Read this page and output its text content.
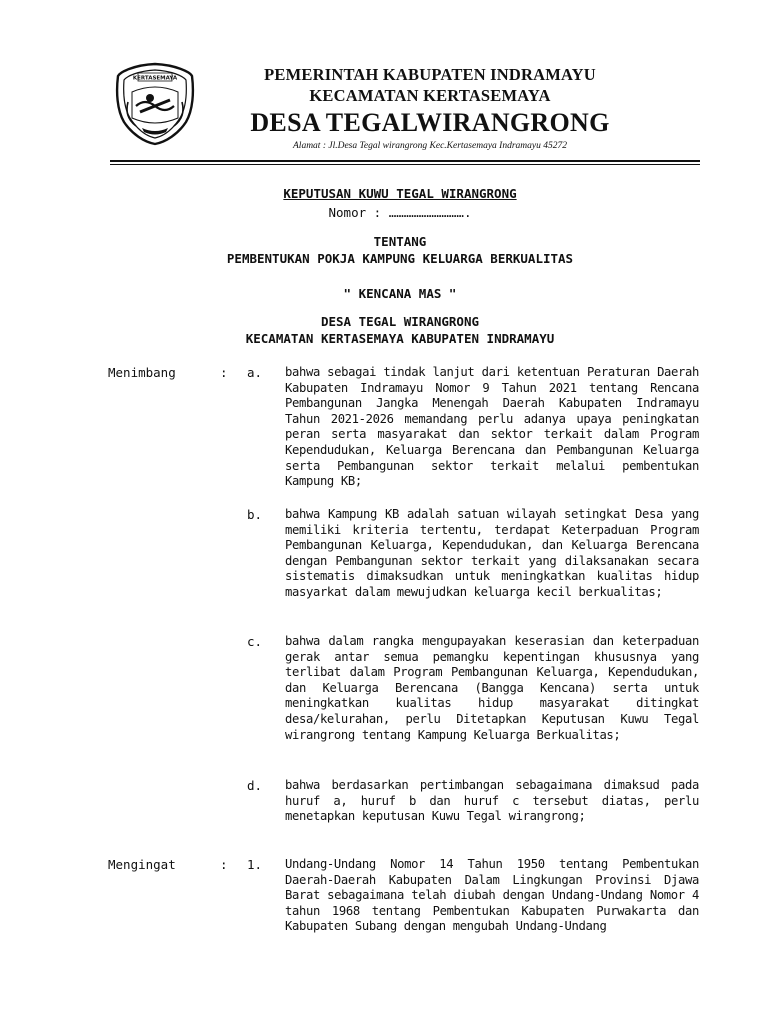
KERTASEMAYA	PEMERINTAH KABUPATEN INDRAMAYU
KECAMATAN KERTASEMAYA
DESA TEGALWIRANGRONG
Alamat : Jl.Desa Tegal wirangrong Kec.Kertasemaya Indramayu 45272
KEPUTUSAN KUWU TEGAL WIRANGRONG
Nomor : ………………………….
TENTANG
PEMBENTUKAN POKJA KAMPUNG KELUARGA BERKUALITAS
" KENCANA MAS "
DESA TEGAL WIRANGRONG
KECAMATAN KERTASEMAYA KABUPATEN INDRAMAYU
Menimbang	:	a. bahwa sebagai tindak lanjut dari ketentuan Peraturan Daerah Kabupaten Indramayu Nomor 9 Tahun 2021 tentang Rencana Pembangunan Jangka Menengah Daerah Kabupaten Indramayu Tahun 2021-2026 memandang perlu adanya upaya peningkatan peran serta masyarakat dan sektor terkait dalam Program Kependudukan, Keluarga Berencana dan Pembangunan Keluarga serta Pembangunan sektor terkait melalui pembentukan Kampung KB;
b. bahwa Kampung KB adalah satuan wilayah setingkat Desa yang memiliki kriteria tertentu, terdapat Keterpaduan Program Pembangunan Keluarga, Kependudukan, dan Keluarga Berencana dengan Pembangunan sektor terkait yang dilaksanakan secara sistematis dimaksudkan untuk meningkatkan kualitas hidup masyarkat dalam mewujudkan keluarga kecil berkualitas;
c. bahwa dalam rangka mengupayakan keserasian dan keterpaduan gerak antar semua pemangku kepentingan khususnya yang terlibat dalam Program Pembangunan Keluarga, Kependudukan, dan Keluarga Berencana (Bangga Kencana) serta untuk meningkatkan kualitas hidup masyarakat ditingkat desa/kelurahan, perlu Ditetapkan Keputusan Kuwu Tegal wirangrong tentang Kampung Keluarga Berkualitas;
d. bahwa berdasarkan pertimbangan sebagaimana dimaksud pada huruf a, huruf b dan huruf c tersebut diatas, perlu menetapkan keputusan Kuwu Tegal wirangrong;
Mengingat	:	1. Undang-Undang Nomor 14 Tahun 1950 tentang Pembentukan Daerah-Daerah Kabupaten Dalam Lingkungan Provinsi Djawa Barat sebagaimana telah diubah dengan Undang-Undang Nomor 4 tahun 1968 tentang Pembentukan Kabupaten Purwakarta dan Kabupaten Subang dengan mengubah Undang-Undang
